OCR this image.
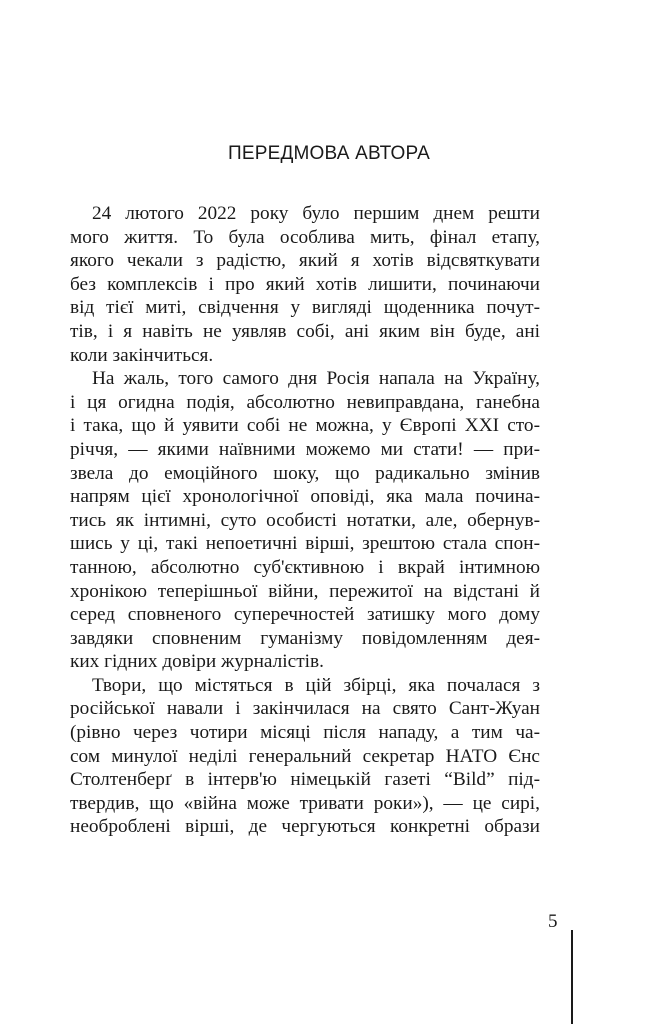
ПЕРЕДМОВА АВТОРА
24 лютого 2022 року було першим днем решти
мого життя. То була особлива мить, фінал етапу,
якого чекали з радістю, який я хотів відсвяткувати
без комплексів і про який хотів лишити, починаючи
від тієї миті, свідчення у вигляді щоденника почут-
тів, і я навіть не уявляв собі, ані яким він буде, ані
коли закінчиться.
На жаль, того самого дня Росія напала на Україну,
і ця огидна подія, абсолютно невиправдана, ганебна
і така, що й уявити собі не можна, у Європі XXI сто-
річчя, — якими наївними можемо ми стати! — при-
звела до емоційного шоку, що радикально змінив
напрям цієї хронологічної оповіді, яка мала почина-
тись як інтимні, суто особисті нотатки, але, обернув-
шись у ці, такі непоетичні вірші, зрештою стала спон-
танною, абсолютно суб'єктивною і вкрай інтимною
хронікою теперішньої війни, пережитої на відстані й
серед сповненого суперечностей затишку мого дому
завдяки сповненим гуманізму повідомленням дея-
ких гідних довіри журналістів.
Твори, що містяться в цій збірці, яка почалася з
російської навали і закінчилася на свято Сант-Жуан
(рівно через чотири місяці після нападу, а тим ча-
сом минулої неділі генеральний секретар НАТО Єнс
Столтенберґ в інтерв'ю німецькій газеті “Bild” під-
твердив, що «війна може тривати роки»), — це сирі,
необроблені вірші, де чергуються конкретні образи
5
